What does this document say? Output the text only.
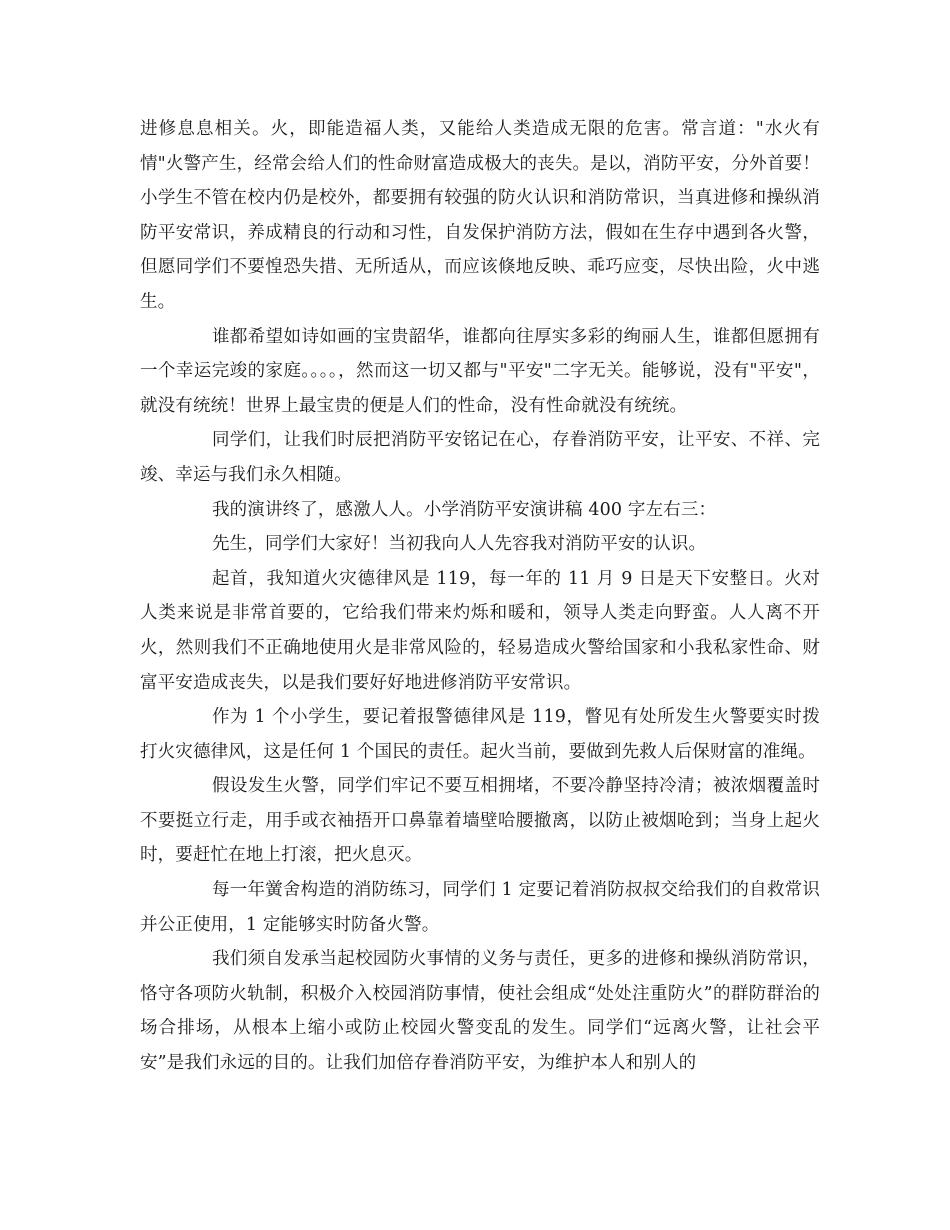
进修息息相关。火，即能造福人类，又能给人类造成无限的危害。常言道："水火有情"火警产生，经常会给人们的性命财富造成极大的丧失。是以，消防平安，分外首要！小学生不管在校内仍是校外，都要拥有较强的防火认识和消防常识，当真进修和操纵消防平安常识，养成精良的行动和习性，自发保护消防方法，假如在生存中遇到各火警，但愿同学们不要惶恐失措、无所适从，而应该倏地反映、乖巧应变，尽快出险，火中逃生。

谁都希望如诗如画的宝贵韶华，谁都向往厚实多彩的绚丽人生，谁都但愿拥有一个幸运完竣的家庭。。。。，然而这一切又都与"平安"二字无关。能够说，没有"平安"，就没有统统！世界上最宝贵的便是人们的性命，没有性命就没有统统。

同学们，让我们时辰把消防平安铭记在心，存眷消防平安，让平安、不祥、完竣、幸运与我们永久相随。

我的演讲终了，感激人人。小学消防平安演讲稿 400 字左右三：

先生，同学们大家好！当初我向人人先容我对消防平安的认识。

起首，我知道火灾德律风是 119，每一年的 11 月 9 日是天下安整日。火对人类来说是非常首要的，它给我们带来灼烁和暖和，领导人类走向野蛮。人人离不开火，然则我们不正确地使用火是非常风险的，轻易造成火警给国家和小我私家性命、财富平安造成丧失，以是我们要好好地进修消防平安常识。

作为 1 个小学生，要记着报警德律风是 119，瞥见有处所发生火警要实时拨打火灾德律风，这是任何 1 个国民的责任。起火当前，要做到先救人后保财富的准绳。

假设发生火警，同学们牢记不要互相拥堵，不要冷静坚持冷清；被浓烟覆盖时不要挺立行走，用手或衣袖捂开口鼻靠着墙壁哈腰撤离，以防止被烟呛到；当身上起火时，要赶忙在地上打滚，把火息灭。

每一年黉舍构造的消防练习，同学们 1 定要记着消防叔叔交给我们的自救常识并公正使用，1 定能够实时防备火警。

我们须自发承当起校园防火事情的义务与责任，更多的进修和操纵消防常识，恪守各项防火轨制，积极介入校园消防事情，使社会组成“处处注重防火”的群防群治的场合排场，从根本上缩小或防止校园火警变乱的发生。同学们“远离火警，让社会平安”是我们永远的目的。让我们加倍存眷消防平安，为维护本人和别人的
